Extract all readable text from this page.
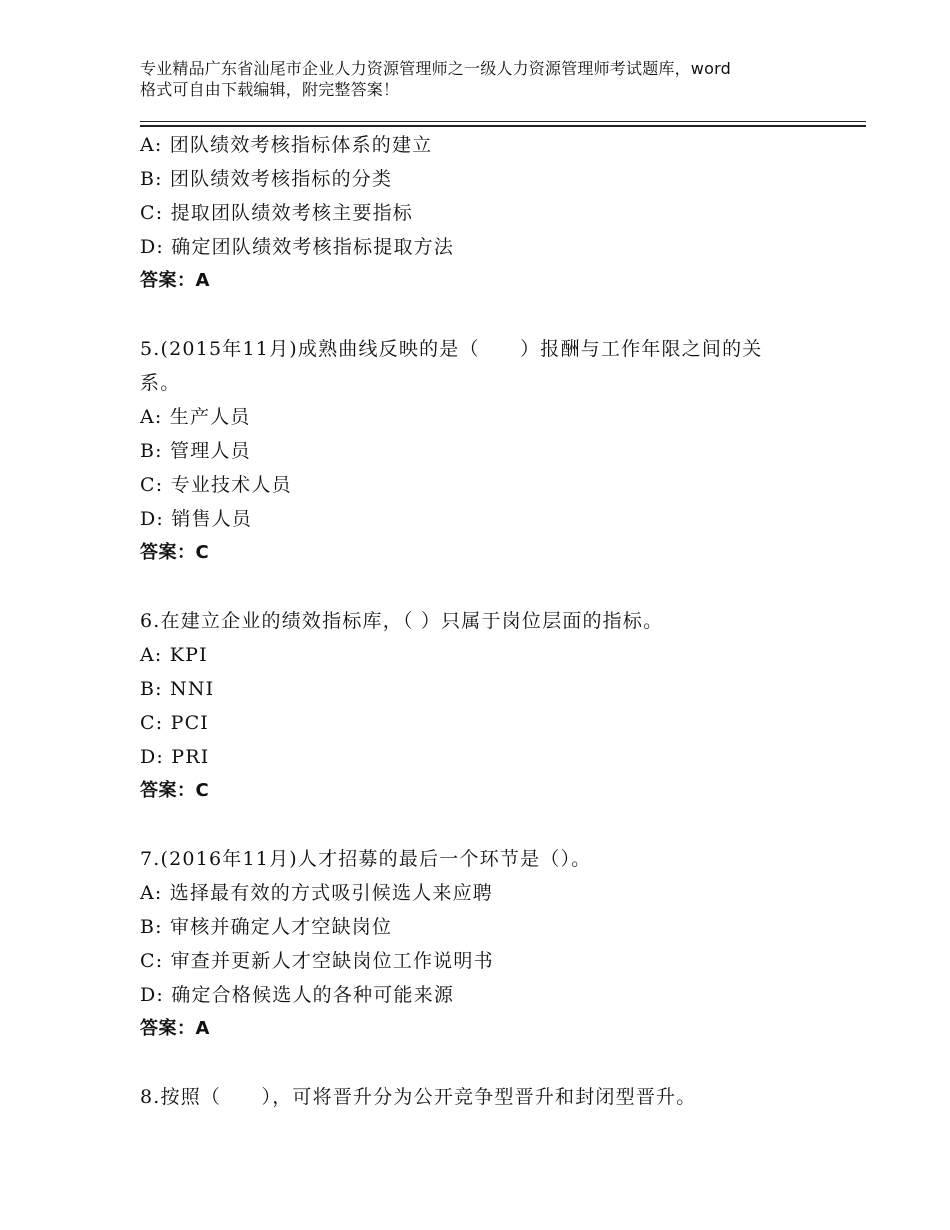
专业精品广东省汕尾市企业人力资源管理师之一级人力资源管理师考试题库，word
格式可自由下载编辑，附完整答案！
A: 团队绩效考核指标体系的建立
B: 团队绩效考核指标的分类
C: 提取团队绩效考核主要指标
D: 确定团队绩效考核指标提取方法
答案：A
5.(2015年11月)成熟曲线反映的是（　　）报酬与工作年限之间的关
系。
A: 生产人员
B: 管理人员
C: 专业技术人员
D: 销售人员
答案：C
6.在建立企业的绩效指标库，（ ）只属于岗位层面的指标。
A: KPI
B: NNI
C: PCI
D: PRI
答案：C
7.(2016年11月)人才招募的最后一个环节是（）。
A: 选择最有效的方式吸引候选人来应聘
B: 审核并确定人才空缺岗位
C: 审查并更新人才空缺岗位工作说明书
D: 确定合格候选人的各种可能来源
答案：A
8.按照（　　），可将晋升分为公开竞争型晋升和封闭型晋升。
